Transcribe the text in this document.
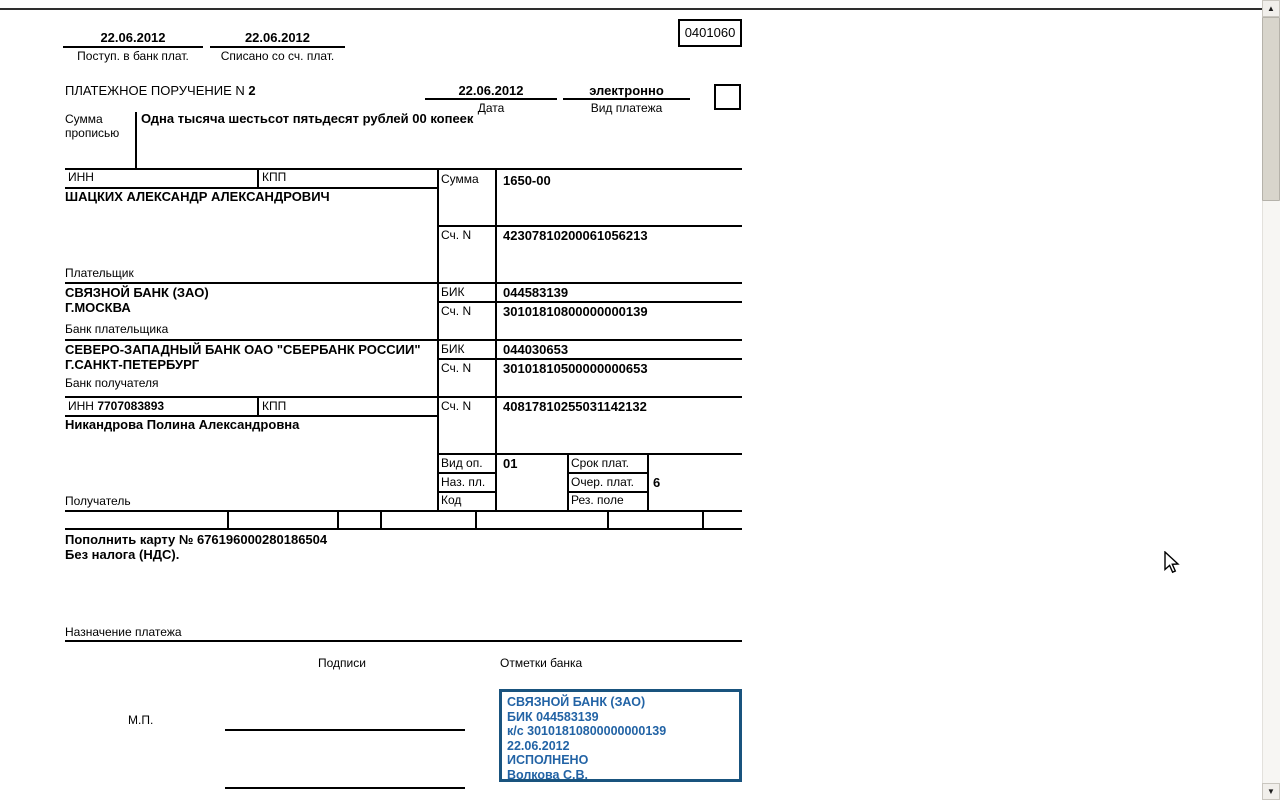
22.06.2012
Поступ. в банк плат.
22.06.2012
Списано со сч. плат.
0401060
ПЛАТЕЖНОЕ ПОРУЧЕНИЕ N 2	22.06.2012
Дата
электронно
Вид платежа
Сумма
прописью
Одна тысяча шестьсот пятьдесят рублей 00 копеек
ИНН	КПП
ШАЦКИХ АЛЕКСАНДР АЛЕКСАНДРОВИЧ
Плательщик
Сумма 1650-00
Сч. N 42307810200061056213
СВЯЗНОЙ БАНК (ЗАО)
Г.МОСКВА
Банк плательщика
БИК	044583139
Сч. N 30101810800000000139
СЕВЕРО-ЗАПАДНЫЙ БАНК ОАО "СБЕРБАНК РОССИИ"
Г.САНКТ-ПЕТЕРБУРГ
Банк получателя
БИК	044030653
Сч. N 30101810500000000653
ИНН 7707083893	КПП
Никандрова Полина Александровна
Получатель
Сч. N 40817810255031142132
Вид оп. 01	Срок плат.
Наз. пл.	Очер. плат. 6
Код	Рез. поле
Пополнить карту № 676196000280186504
Без налога (НДС).
Назначение платежа
Подписи	Отметки банка
М.П.
СВЯЗНОЙ БАНК (ЗАО)
БИК 044583139
к/с 30101810800000000139
22.06.2012
ИСПОЛНЕНО
Волкова С.В.
▲
▼
